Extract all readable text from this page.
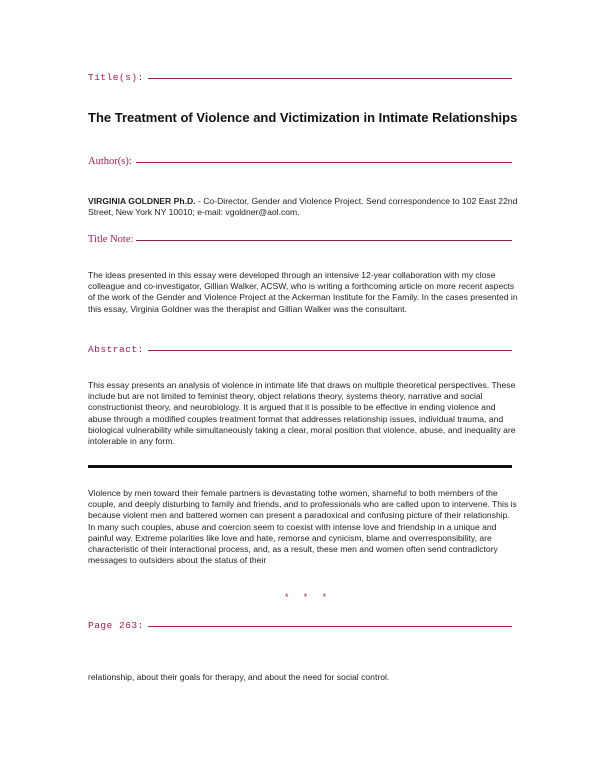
Title(s):
The Treatment of Violence and Victimization in Intimate Relationships
Author(s):
VIRGINIA GOLDNER Ph.D. - Co-Director, Gender and Violence Project. Send correspondence to 102 East 22nd Street, New York NY 10010; e-mail: vgoldner@aol.com.
Title Note:
The ideas presented in this essay were developed through an intensive 12-year collaboration with my close colleague and co-investigator, Gillian Walker, ACSW, who is writing a forthcoming article on more recent aspects of the work of the Gender and Violence Project at the Ackerman Institute for the Family. In the cases presented in this essay, Virginia Goldner was the therapist and Gillian Walker was the consultant.
Abstract:
This essay presents an analysis of violence in intimate life that draws on multiple theoretical perspectives. These include but are not limited to feminist theory, object relations theory, systems theory, narrative and social constructionist theory, and neurobiology. It is argued that it is possible to be effective in ending violence and abuse through a modified couples treatment format that addresses relationship issues, individual trauma, and biological vulnerability while simultaneously taking a clear, moral position that violence, abuse, and inequality are intolerable in any form.
Violence by men toward their female partners is devastating tothe women, shameful to both members of the couple, and deeply disturbing to family and friends, and to professionals who are called upon to intervene. This is because violent men and battered women can present a paradoxical and confusing picture of their relationship. In many such couples, abuse and coercion seem to coexist with intense love and friendship in a unique and painful way. Extreme polarities like love and hate, remorse and cynicism, blame and overresponsibility, are characteristic of their interactional process, and, as a result, these men and women often send contradictory messages to outsiders about the status of their
* * *
Page 263:
relationship, about their goals for therapy, and about the need for social control.
